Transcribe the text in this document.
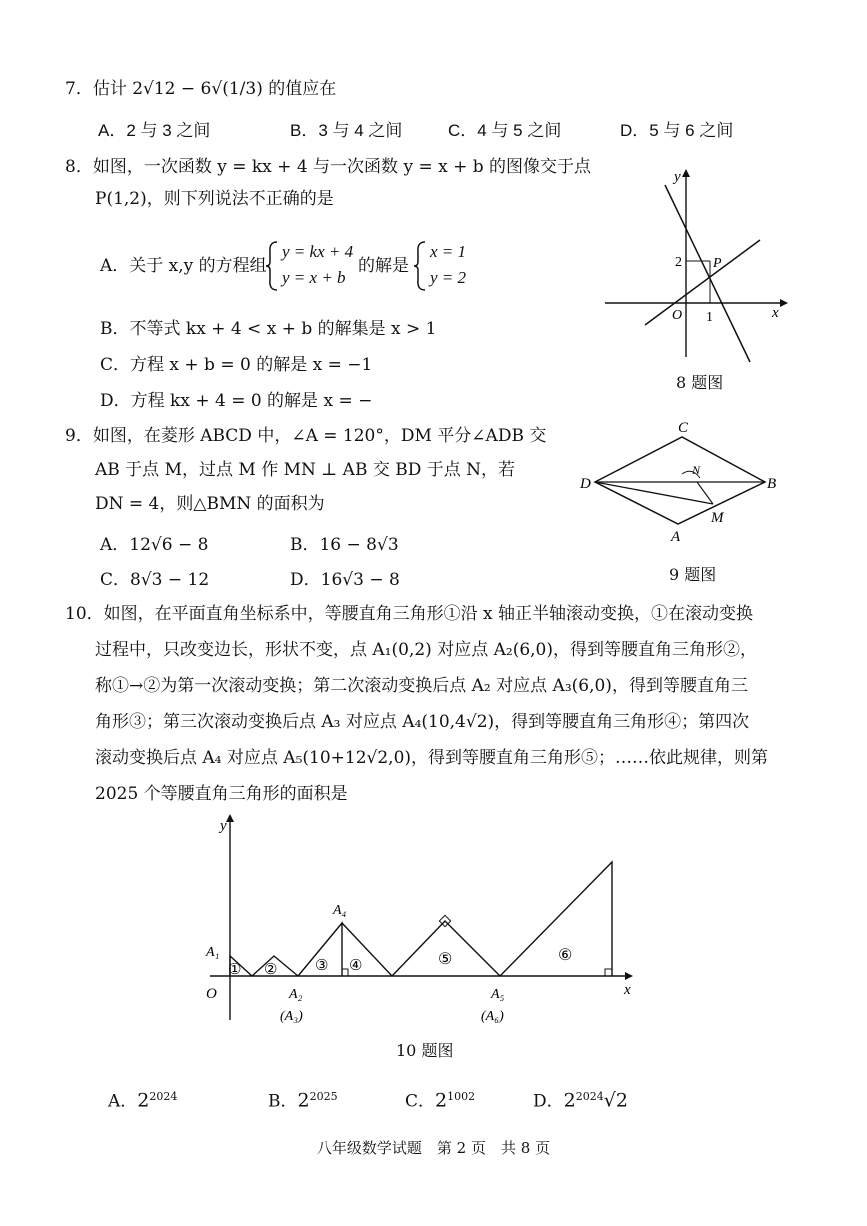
7．估计 2√12 − 6√(1/3) 的值应在
A．2 与 3 之间	B．3 与 4 之间	C．4 与 5 之间	D．5 与 6 之间
8．如图，一次函数 y = kx + 4 与一次函数 y = x + b 的图像交于点
P(1,2)，则下列说法不正确的是
A．关于 x,y 的方程组
y = kx + 4
y = x + b
的解是
x = 1
y = 2
B．不等式 kx + 4 < x + b 的解集是 x > 1
C．方程 x + b = 0 的解是 x = −1
D．方程 kx + 4 = 0 的解是 x = −
y
x
O
P
2
1
8 题图
9．如图，在菱形 ABCD 中，∠A = 120°，DM 平分∠ADB 交
AB 于点 M，过点 M 作 MN ⊥ AB 交 BD 于点 N，若
DN = 4，则△BMN 的面积为
A．12√6 − 8	B．16 − 8√3
C．8√3 − 12	D．16√3 − 8
C
D	B
A
M
N
9 题图
10．如图，在平面直角坐标系中，等腰直角三角形①沿 x 轴正半轴滚动变换，①在滚动变换
过程中，只改变边长，形状不变，点 A₁(0,2) 对应点 A₂(6,0)，得到等腰直角三角形②，
称①→②为第一次滚动变换；第二次滚动变换后点 A₂ 对应点 A₃(6,0)，得到等腰直角三
角形③；第三次滚动变换后点 A₃ 对应点 A₄(10,4√2)，得到等腰直角三角形④；第四次
滚动变换后点 A₄ 对应点 A₅(10+12√2,0)，得到等腰直角三角形⑤；……依此规律，则第
2025 个等腰直角三角形的面积是
A₁
O
y
x
A₂
(A₃)
A₄
A₅
(A₆)
① ②	③ ④	⑤	⑥
10 题图
A．$2^{2024}$	B．$2^{2025}$	C．$2^{1002}$	D．$2^{2024}√2$
八年级数学试题　第 2 页　共 8 页
